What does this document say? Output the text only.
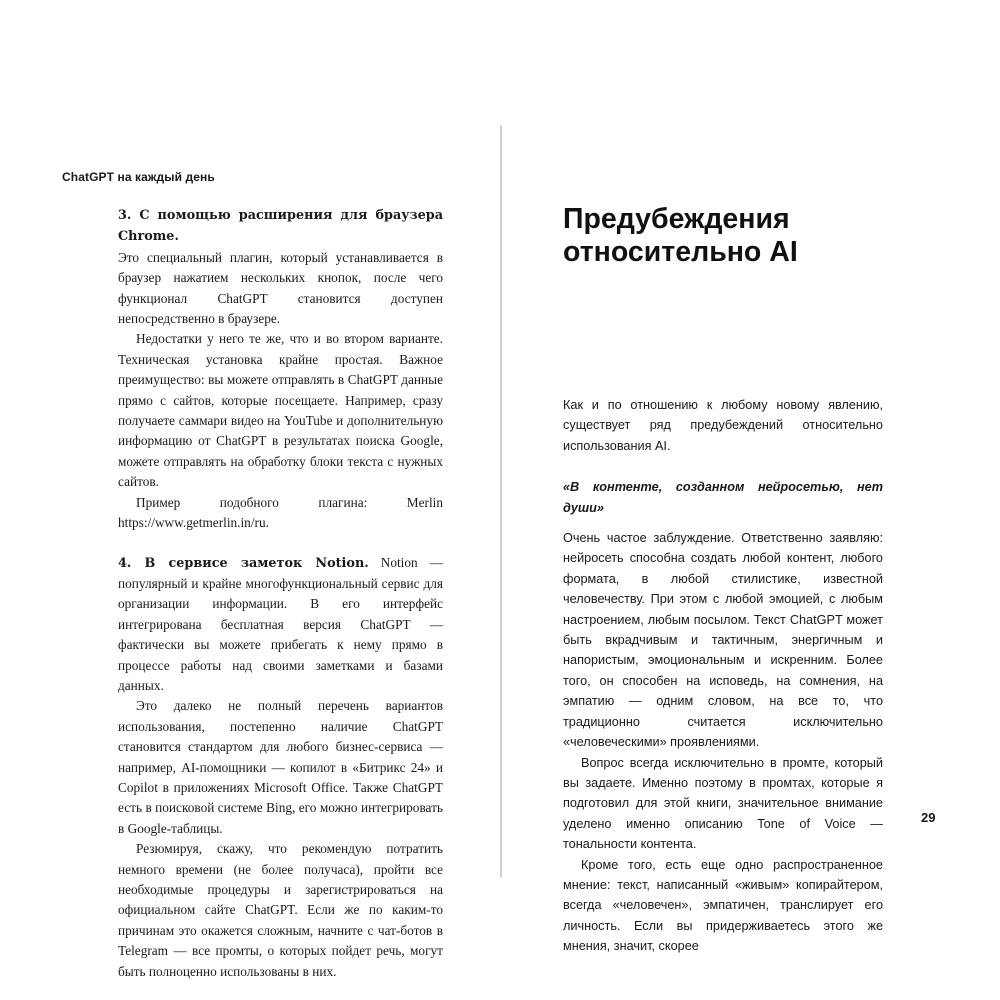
ChatGPT на каждый день

3. С помощью расширения для браузера Chrome.
Это специальный плагин, который устанавливается в браузер нажатием нескольких кнопок, после чего функционал ChatGPT становится доступен непосредственно в браузере.

Недостатки у него те же, что и во втором варианте. Техническая установка крайне простая. Важное преимущество: вы можете отправлять в ChatGPT данные прямо с сайтов, которые посещаете. Например, сразу получаете саммари видео на YouTube и дополнительную информацию от ChatGPT в результатах поиска Google, можете отправлять на обработку блоки текста с нужных сайтов.

Пример подобного плагина: Merlin https://www.getmerlin.in/ru.

4. В сервисе заметок Notion. Notion —популярный и крайне многофункциональный сервис для организации информации. В его интерфейс интегрирована бесплатная версия ChatGPT — фактически вы можете прибегать к нему прямо в процессе работы над своими заметками и базами данных.

Это далеко не полный перечень вариантов использования, постепенно наличие ChatGPT становится стандартом для любого бизнес-сервиса — например, AI-помощники — копилот в «Битрикс 24» и Copilot в приложениях Microsoft Office. Также ChatGPT есть в поисковой системе Bing, его можно интегрировать в Google-таблицы.

Резюмируя, скажу, что рекомендую потратить немного времени (не более получаса), пройти все необходимые процедуры и зарегистрироваться на официальном сайте ChatGPT. Если же по каким-то причинам это окажется сложным, начните с чат-ботов в Telegram — все промты, о которых пойдет речь, могут быть полноценно использованы в них.

Предубеждения относительно AI

Как и по отношению к любому новому явлению, существует ряд предубеждений относительно использования AI.

«В контенте, созданном нейросетью, нет души»

Очень частое заблуждение. Ответственно заявляю: нейросеть способна создать любой контент, любого формата, в любой стилистике, известной человечеству. При этом с любой эмоцией, с любым настроением, любым посылом. Текст ChatGPT может быть вкрадчивым и тактичным, энергичным и напористым, эмоциональным и искренним. Более того, он способен на исповедь, на сомнения, на эмпатию — одним словом, на все то, что традиционно считается исключительно «человеческими» проявлениями.

Вопрос всегда исключительно в промте, который вы задаете. Именно поэтому в промтах, которые я подготовил для этой книги, значительное внимание уделено именно описанию Tone of Voice — тональности контента.

Кроме того, есть еще одно распространенное мнение: текст, написанный «живым» копирайтером, всегда «человечен», эмпатичен, транслирует его личность. Если вы придерживаетесь этого же мнения, значит, скорее

29
